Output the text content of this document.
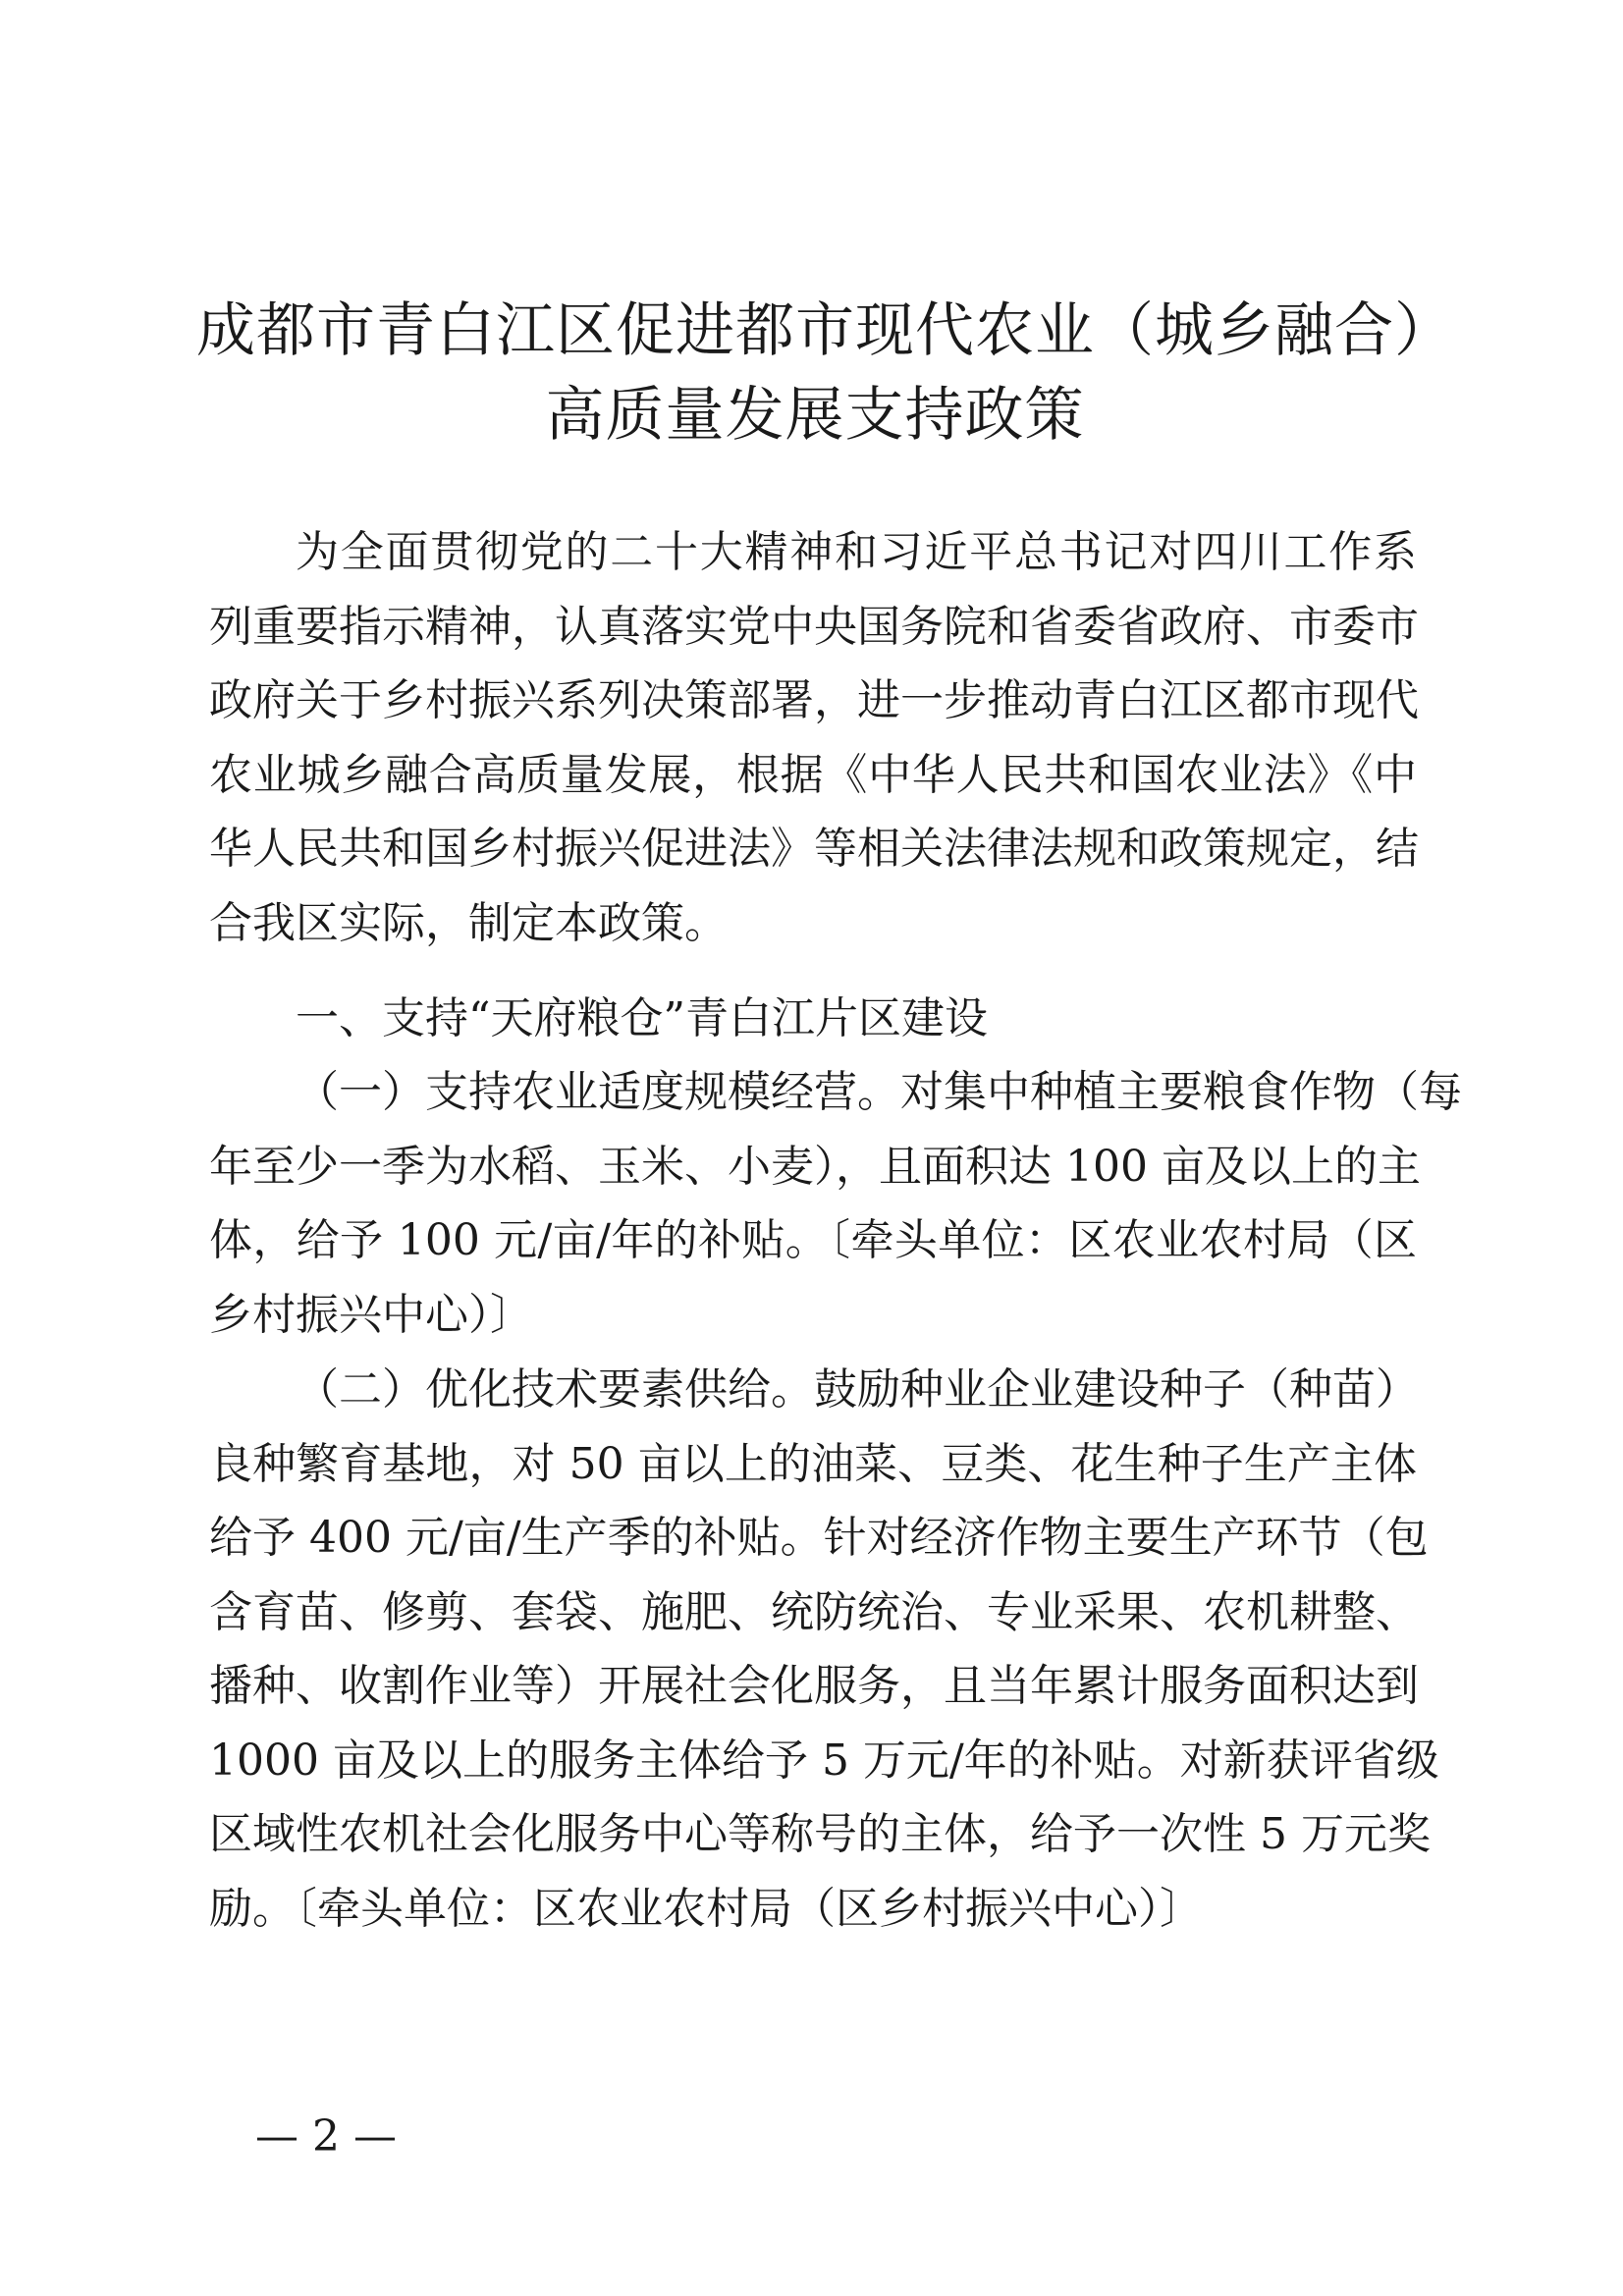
成都市青白江区促进都市现代农业（城乡融合）
高质量发展支持政策
为全面贯彻党的二十大精神和习近平总书记对四川工作系
列重要指示精神，认真落实党中央国务院和省委省政府、市委市
政府关于乡村振兴系列决策部署，进一步推动青白江区都市现代
农业城乡融合高质量发展，根据《中华人民共和国农业法》《中
华人民共和国乡村振兴促进法》等相关法律法规和政策规定，结
合我区实际，制定本政策。
一、支持“天府粮仓”青白江片区建设
（一）支持农业适度规模经营。对集中种植主要粮食作物（每
年至少一季为水稻、玉米、小麦），且面积达 100 亩及以上的主
体，给予 100 元/亩/年的补贴。〔牵头单位：区农业农村局（区
乡村振兴中心）〕
（二）优化技术要素供给。鼓励种业企业建设种子（种苗）
良种繁育基地，对 50 亩以上的油菜、豆类、花生种子生产主体
给予 400 元/亩/生产季的补贴。针对经济作物主要生产环节（包
含育苗、修剪、套袋、施肥、统防统治、专业采果、农机耕整、
播种、收割作业等）开展社会化服务，且当年累计服务面积达到
1000 亩及以上的服务主体给予 5 万元/年的补贴。对新获评省级
区域性农机社会化服务中心等称号的主体，给予一次性 5 万元奖
励。〔牵头单位：区农业农村局（区乡村振兴中心）〕
— 2 —
